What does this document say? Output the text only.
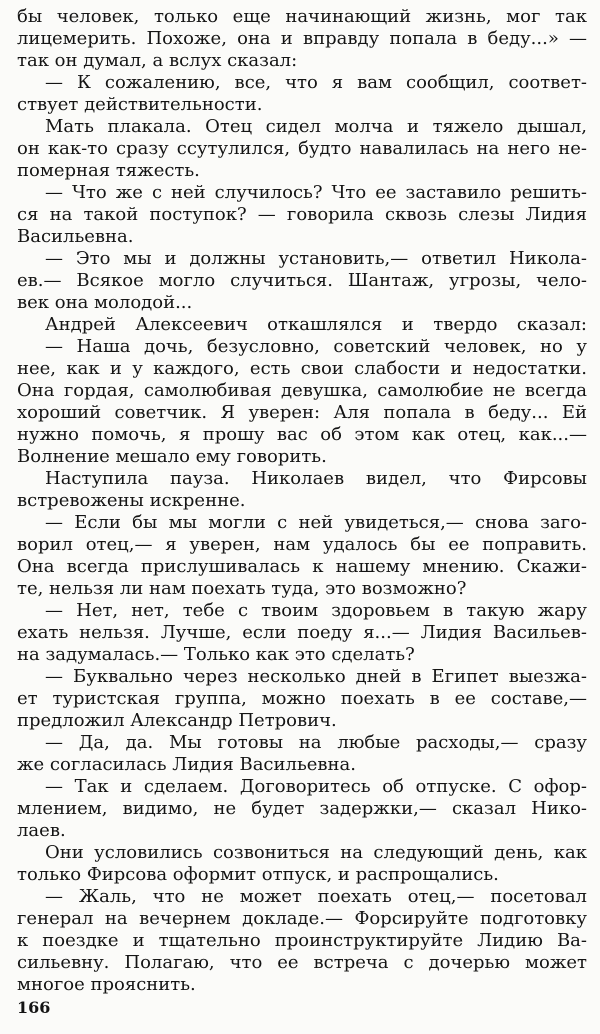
бы человек, только еще начинающий жизнь, мог так
лицемерить. Похоже, она и вправду попала в беду...» —
так он думал, а вслух сказал:
— К сожалению, все, что я вам сообщил, соответ-
ствует действительности.
Мать плакала. Отец сидел молча и тяжело дышал,
он как-то сразу ссутулился, будто навалилась на него не-
померная тяжесть.
— Что же с ней случилось? Что ее заставило решить-
ся на такой поступок? — говорила сквозь слезы Лидия
Васильевна.
— Это мы и должны установить,— ответил Никола-
ев.— Всякое могло случиться. Шантаж, угрозы, чело-
век она молодой...
Андрей Алексеевич откашлялся и твердо сказал:
— Наша дочь, безусловно, советский человек, но у
нее, как и у каждого, есть свои слабости и недостатки.
Она гордая, самолюбивая девушка, самолюбие не всегда
хороший советчик. Я уверен: Аля попала в беду... Ей
нужно помочь, я прошу вас об этом как отец, как...—
Волнение мешало ему говорить.
Наступила пауза. Николаев видел, что Фирсовы
встревожены искренне.
— Если бы мы могли с ней увидеться,— снова заго-
ворил отец,— я уверен, нам удалось бы ее поправить.
Она всегда прислушивалась к нашему мнению. Скажи-
те, нельзя ли нам поехать туда, это возможно?
— Нет, нет, тебе с твоим здоровьем в такую жару
ехать нельзя. Лучше, если поеду я...— Лидия Васильев-
на задумалась.— Только как это сделать?
— Буквально через несколько дней в Египет выезжа-
ет туристская группа, можно поехать в ее составе,—
предложил Александр Петрович.
— Да, да. Мы готовы на любые расходы,— сразу
же согласилась Лидия Васильевна.
— Так и сделаем. Договоритесь об отпуске. С офор-
млением, видимо, не будет задержки,— сказал Нико-
лаев.
Они условились созвониться на следующий день, как
только Фирсова оформит отпуск, и распрощались.
— Жаль, что не может поехать отец,— посетовал
генерал на вечернем докладе.— Форсируйте подготовку
к поездке и тщательно проинструктируйте Лидию Ва-
сильевну. Полагаю, что ее встреча с дочерью может
многое прояснить.
166
